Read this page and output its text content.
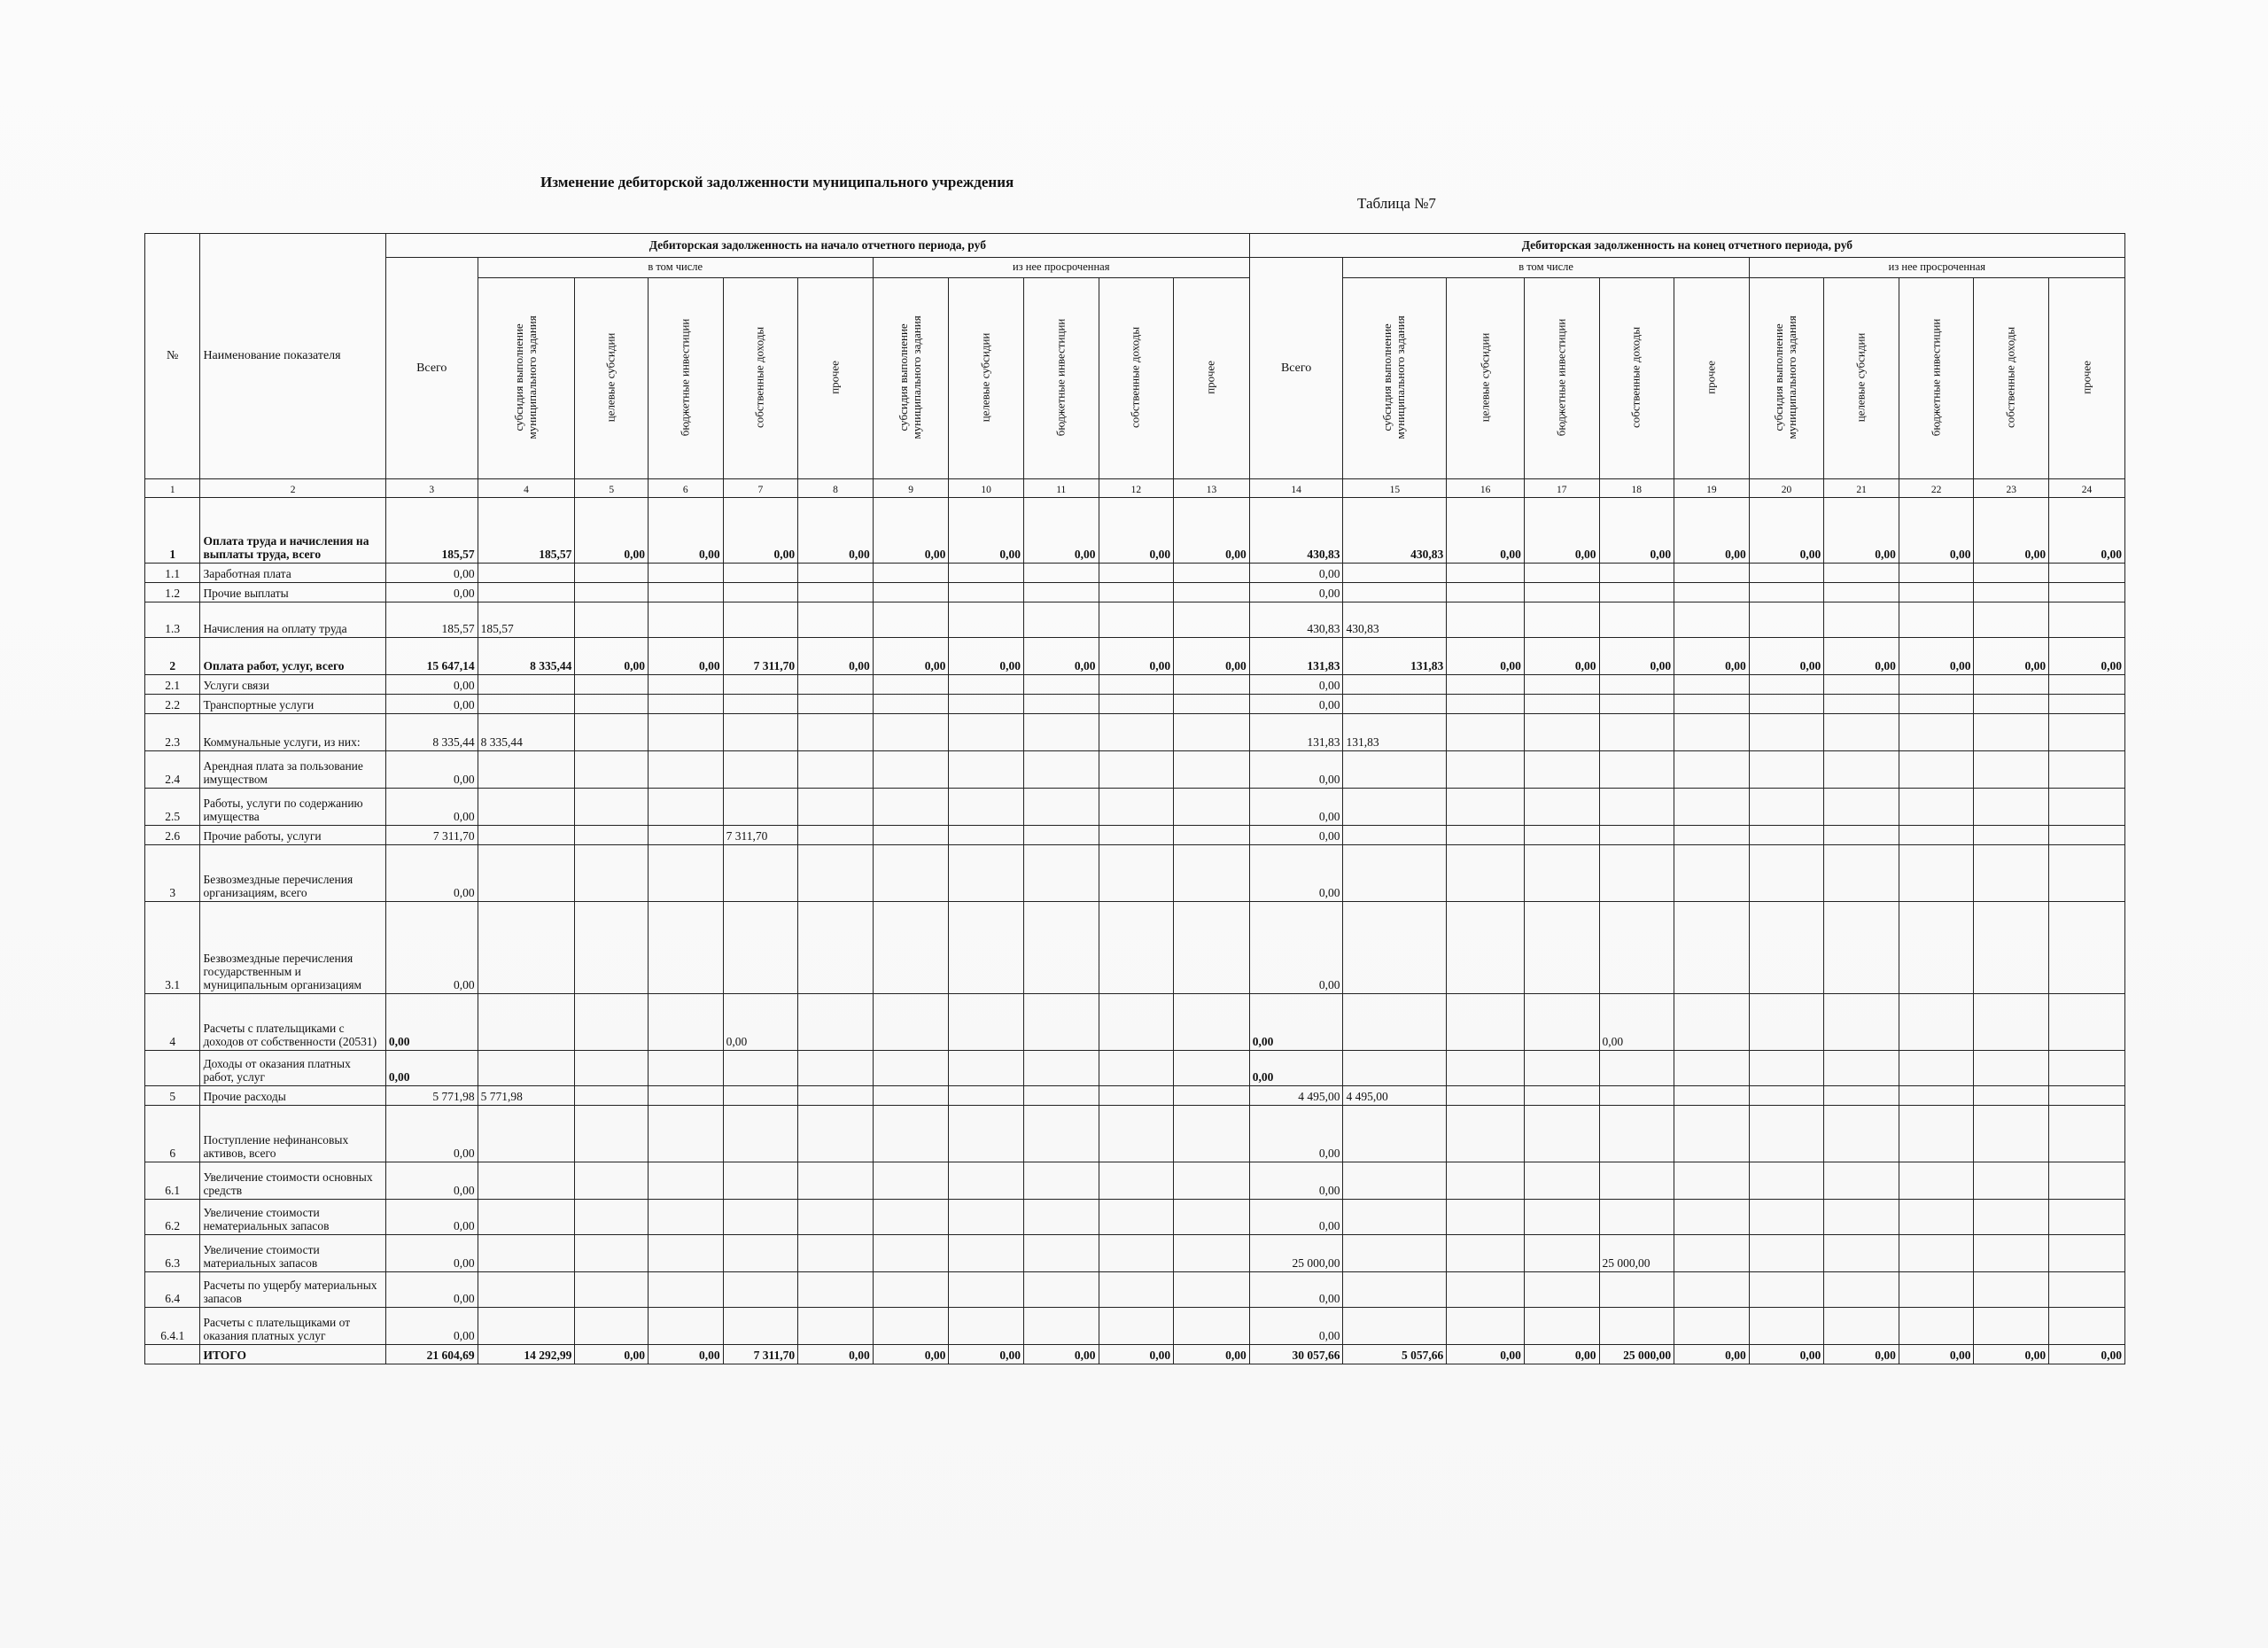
Изменение дебиторской задолженности муниципального учреждения
Таблица №7
№	Наименование показателя	Дебиторская задолженность на начало отчетного периода, руб											Дебиторская задолженность на конец отчетного периода, руб										
		Всего	в том числе					из нее просроченная					Всего	в том числе					из нее просроченная				

			субсидия выполнение муниципального задания	целевые субсидии	бюджетные инвестиции	собственные доходы	прочее	субсидия выполнение муниципального задания	целевые субсидии	бюджетные инвестиции	собственные доходы	прочее		субсидия выполнение муниципального задания	целевые субсидии	бюджетные инвестиции	собственные доходы	прочее	субсидия выполнение муниципального задания	целевые субсидии	бюджетные инвестиции	собственные доходы	прочее

1	2	3	4	5	6	7	8	9	10	11	12	13	14	15	16	17	18	19	20	21	22	23	24
1	Оплата труда и начисления на выплаты труда, всего	185,57	185,57	0,00	0,00	0,00	0,00	0,00	0,00	0,00	0,00	0,00	430,83	430,83	0,00	0,00	0,00	0,00	0,00	0,00	0,00	0,00	0,00
1.1	Заработная плата	0,00											0,00										
1.2	Прочие выплаты	0,00											0,00										
1.3	Начисления на оплату труда	185,57	185,57										430,83	430,83									
2	Оплата работ, услуг, всего	15 647,14	8 335,44	0,00	0,00	7 311,70	0,00	0,00	0,00	0,00	0,00	0,00	131,83	131,83	0,00	0,00	0,00	0,00	0,00	0,00	0,00	0,00	0,00
2.1	Услуги связи	0,00											0,00										
2.2	Транспортные услуги	0,00											0,00										
2.3	Коммунальные услуги, из них:	8 335,44	8 335,44										131,83	131,83									
2.4	Арендная плата за пользование имуществом	0,00											0,00										
2.5	Работы, услуги по содержанию имущества	0,00											0,00										
2.6	Прочие работы, услуги	7 311,70				7 311,70							0,00										
3	Безвозмездные перечисления организациям, всего	0,00											0,00										
3.1	Безвозмездные перечисления государственным и муниципальным организациям	0,00											0,00										
4	Расчеты с плательщиками с доходов от собственности (20531)	0,00				0,00							0,00				0,00						
	Доходы от оказания платных работ, услуг	0,00											0,00										
5	Прочие расходы	5 771,98	5 771,98										4 495,00	4 495,00									
6	Поступление нефинансовых активов, всего	0,00											0,00										
6.1	Увеличение стоимости основных средств	0,00											0,00										
6.2	Увеличение стоимости нематериальных запасов	0,00											0,00										
6.3	Увеличение стоимости материальных запасов	0,00											25 000,00				25 000,00						
6.4	Расчеты по ущербу материальных запасов	0,00											0,00										
6.4.1	Расчеты с плательщиками от оказания платных услуг	0,00											0,00										
	ИТОГО	21 604,69	14 292,99	0,00	0,00	7 311,70	0,00	0,00	0,00	0,00	0,00	0,00	30 057,66	5 057,66	0,00	0,00	25 000,00	0,00	0,00	0,00	0,00	0,00	0,00
